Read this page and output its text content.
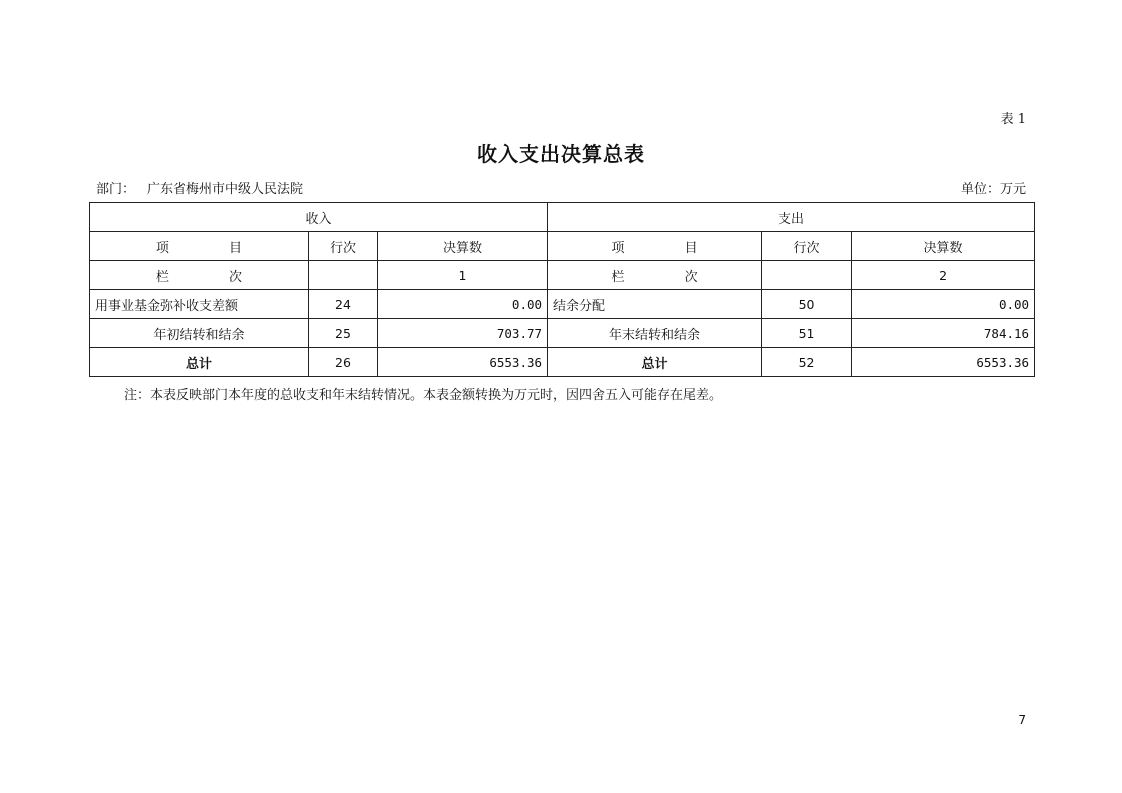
表 1
收入支出决算总表
部门： 广东省梅州市中级人民法院	单位：万元
收入			支出		
项 目	行次	决算数	项 目	行次	决算数
栏 次		1	栏 次		2
用事业基金弥补收支差额	24	0.00	结余分配	50	0.00
年初结转和结余	25	703.77	年末结转和结余	51	784.16
总计	26	6553.36	总计	52	6553.36
注：本表反映部门本年度的总收支和年末结转情况。本表金额转换为万元时，因四舍五入可能存在尾差。
7
